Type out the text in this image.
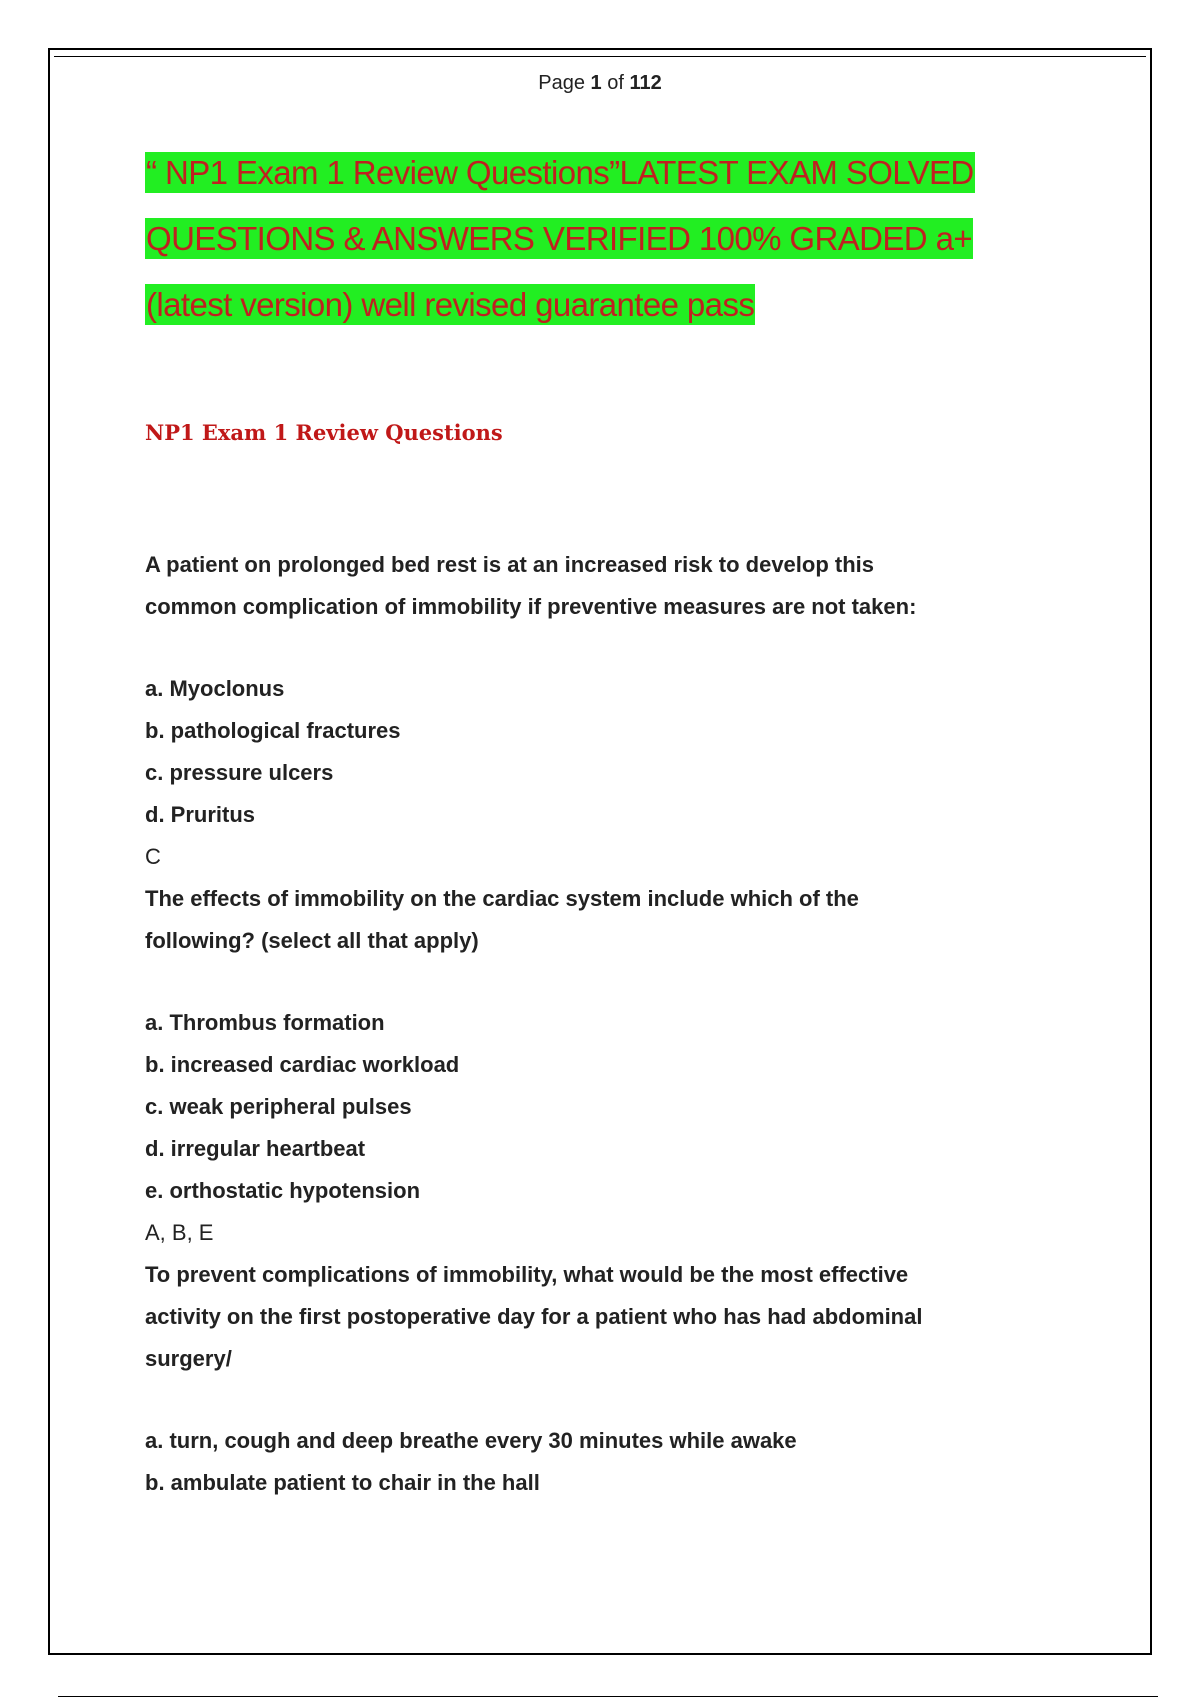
Page 1 of 112
“ NP1 Exam 1 Review Questions”LATEST EXAM SOLVED
QUESTIONS & ANSWERS VERIFIED 100% GRADED a+
(latest version) well revised guarantee pass
NP1 Exam 1 Review Questions

A patient on prolonged bed rest is at an increased risk to develop this
common complication of immobility if preventive measures are not taken:

a. Myoclonus
b. pathological fractures
c. pressure ulcers
d. Pruritus
C

The effects of immobility on the cardiac system include which of the
following? (select all that apply)

a. Thrombus formation
b. increased cardiac workload
c. weak peripheral pulses
d. irregular heartbeat
e. orthostatic hypotension
A, B, E

To prevent complications of immobility, what would be the most effective
activity on the first postoperative day for a patient who has had abdominal
surgery/

a. turn, cough and deep breathe every 30 minutes while awake
b. ambulate patient to chair in the hall
